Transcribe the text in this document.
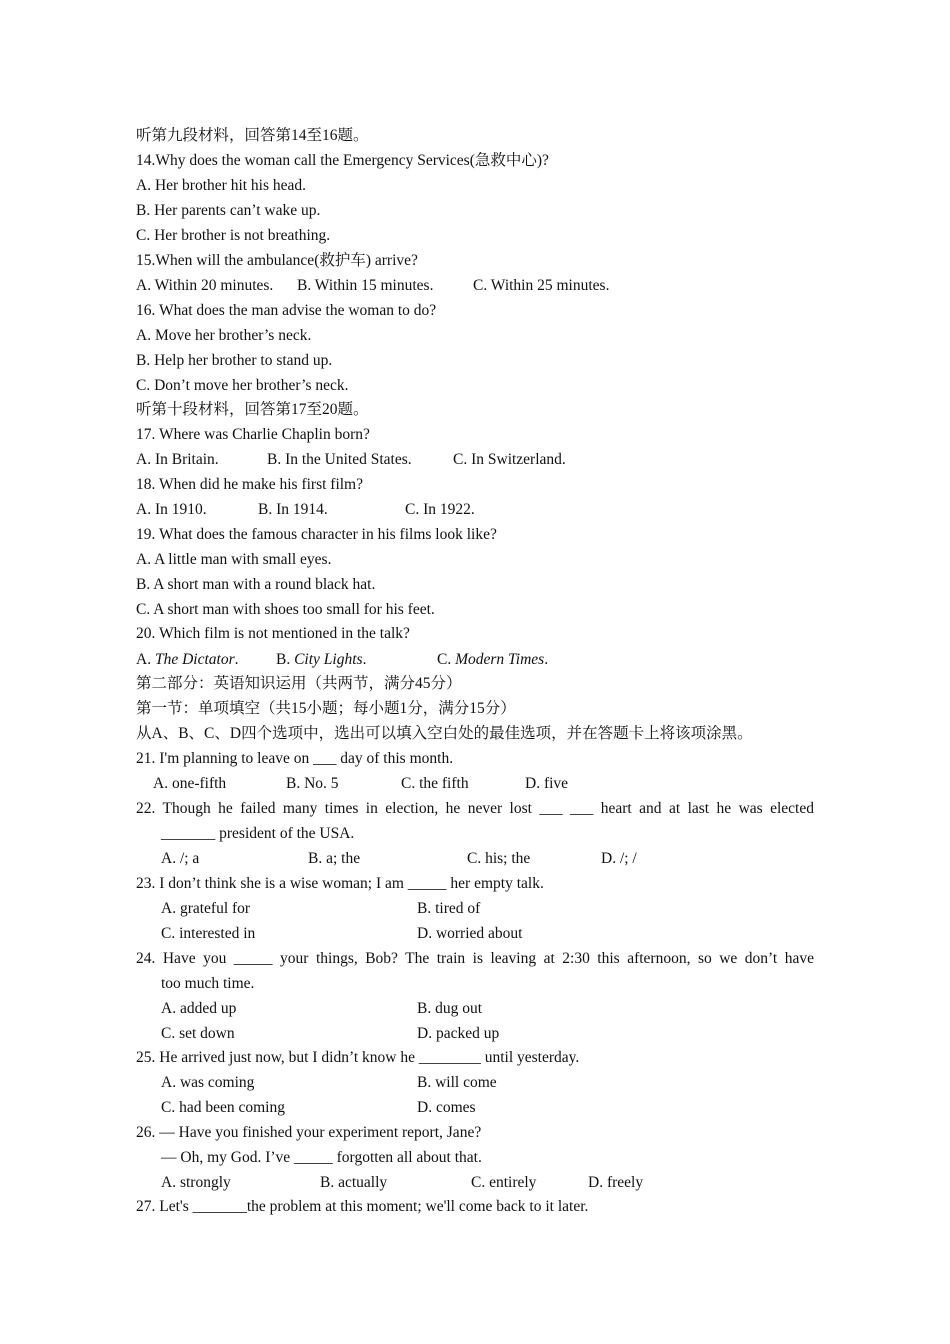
听第九段材料，回答第14至16题。

14.Why does the woman call the Emergency Services(急救中心)?

A. Her brother hit his head.

B. Her parents can’t wake up.

C. Her brother is not breathing.

15.When will the ambulance(救护车) arrive?

A. Within 20 minutes. B. Within 15 minutes.	C. Within 25 minutes.

16. What does the man advise the woman to do?

A. Move her brother’s neck.

B. Help her brother to stand up.

C. Don’t move her brother’s neck.

听第十段材料，回答第17至20题。

17. Where was Charlie Chaplin born?

A. In Britain.	B. In the United States.	C. In Switzerland.

18. When did he make his first film?

A. In 1910.	B. In 1914.	C. In 1922.

19. What does the famous character in his films look like?

A. A little man with small eyes.

B. A short man with a round black hat.

C. A short man with shoes too small for his feet.

20. Which film is not mentioned in the talk?

A. The Dictator. B. City Lights.	C. Modern Times.

第二部分：英语知识运用（共两节，满分45分）

第一节：单项填空（共15小题；每小题1分，满分15分）

从A、B、C、D四个选项中，选出可以填入空白处的最佳选项，并在答题卡上将该项涂黑。

21. I'm planning to leave on ___ day of this month.

A. one-fifth	B. No. 5	C. the fifth	D. five

22. Though he failed many times in election, he never lost ___ ___ heart and at last he was elected

_______ president of the USA.

A. /; a	B. a; the	C. his; the	D. /; /

23. I don’t think she is a wise woman; I am _____ her empty talk.

A. grateful for	B. tired of

C. interested in	D. worried about

24. Have you _____ your things, Bob? The train is leaving at 2:30 this afternoon, so we don’t have

too much time.

A. added up	B. dug out

C. set down	D. packed up

25. He arrived just now, but I didn’t know he ________ until yesterday.

A. was coming	B. will come

C. had been coming	D. comes

26. — Have you finished your experiment report, Jane?

— Oh, my God. I’ve _____ forgotten all about that.

A. strongly	B. actually	C. entirely	D. freely

27. Let's _______the problem at this moment; we'll come back to it later.
